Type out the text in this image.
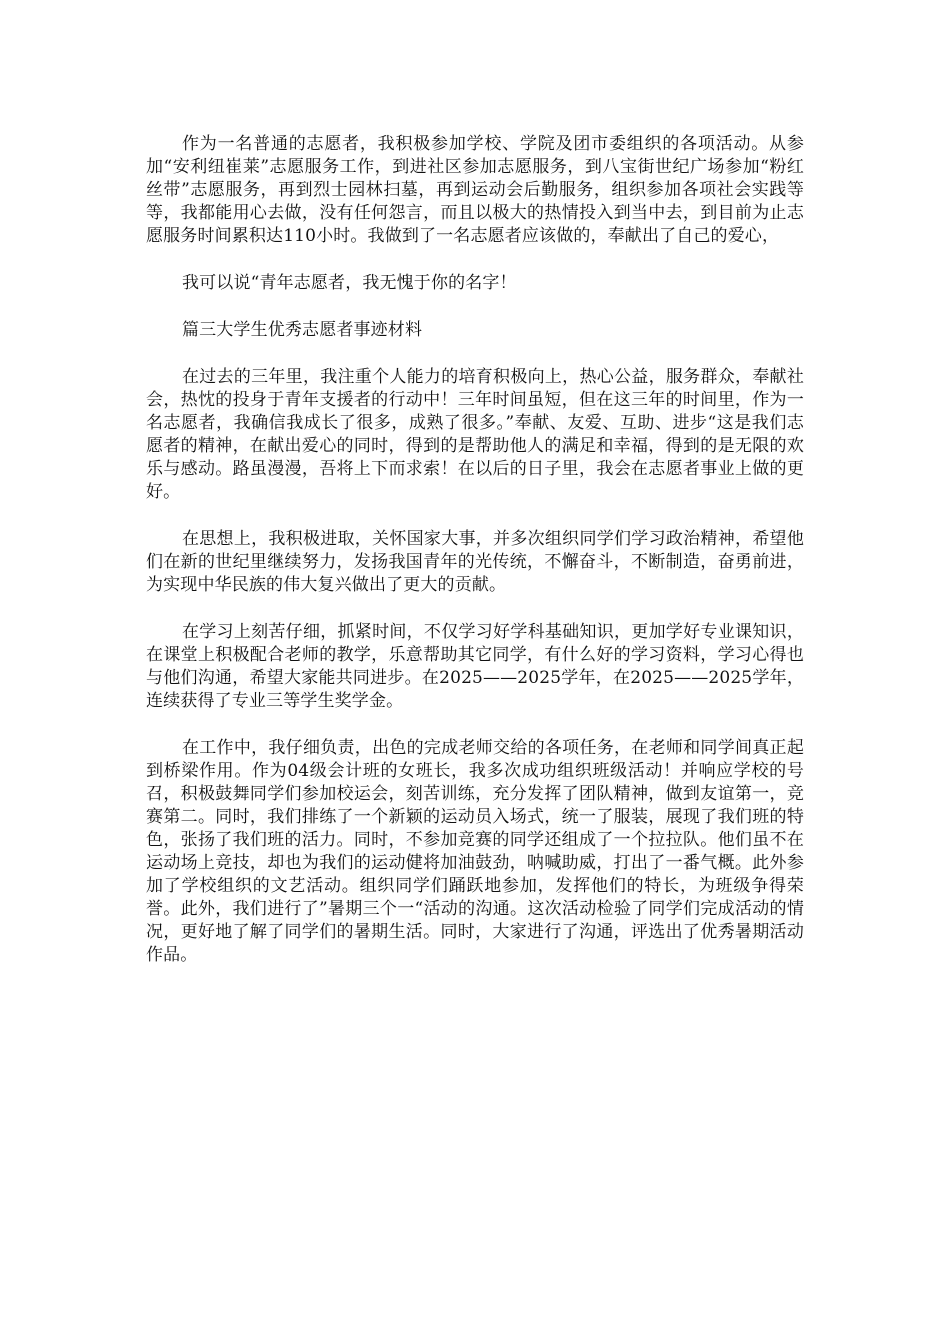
作为一名普通的志愿者，我积极参加学校、学院及团市委组织的各项活动。从参加“安利纽崔莱”志愿服务工作，到进社区参加志愿服务，到八宝街世纪广场参加“粉红丝带”志愿服务，再到烈士园林扫墓，再到运动会后勤服务，组织参加各项社会实践等等，我都能用心去做，没有任何怨言，而且以极大的热情投入到当中去，到目前为止志愿服务时间累积达110小时。我做到了一名志愿者应该做的，奉献出了自己的爱心，

我可以说“青年志愿者，我无愧于你的名字！

篇三大学生优秀志愿者事迹材料

在过去的三年里，我注重个人能力的培育积极向上，热心公益，服务群众，奉献社会，热忱的投身于青年支援者的行动中！三年时间虽短，但在这三年的时间里，作为一名志愿者，我确信我成长了很多，成熟了很多。”奉献、友爱、互助、进步“这是我们志愿者的精神，在献出爱心的同时，得到的是帮助他人的满足和幸福，得到的是无限的欢乐与感动。路虽漫漫，吾将上下而求索！在以后的日子里，我会在志愿者事业上做的更好。

在思想上，我积极进取，关怀国家大事，并多次组织同学们学习政治精神，希望他们在新的世纪里继续努力，发扬我国青年的光传统，不懈奋斗，不断制造，奋勇前进，为实现中华民族的伟大复兴做出了更大的贡献。

在学习上刻苦仔细，抓紧时间，不仅学习好学科基础知识，更加学好专业课知识，在课堂上积极配合老师的教学，乐意帮助其它同学，有什么好的学习资料，学习心得也与他们沟通，希望大家能共同进步。在2025——2025学年，在2025——2025学年，连续获得了专业三等学生奖学金。

在工作中，我仔细负责，出色的完成老师交给的各项任务，在老师和同学间真正起到桥梁作用。作为04级会计班的女班长，我多次成功组织班级活动！并响应学校的号召，积极鼓舞同学们参加校运会，刻苦训练，充分发挥了团队精神，做到友谊第一，竞赛第二。同时，我们排练了一个新颖的运动员入场式，统一了服装，展现了我们班的特色，张扬了我们班的活力。同时，不参加竞赛的同学还组成了一个拉拉队。他们虽不在运动场上竞技，却也为我们的运动健将加油鼓劲，呐喊助威，打出了一番气概。此外参加了学校组织的文艺活动。组织同学们踊跃地参加，发挥他们的特长，为班级争得荣誉。此外，我们进行了”暑期三个一“活动的沟通。这次活动检验了同学们完成活动的情况，更好地了解了同学们的暑期生活。同时，大家进行了沟通，评选出了优秀暑期活动作品。
